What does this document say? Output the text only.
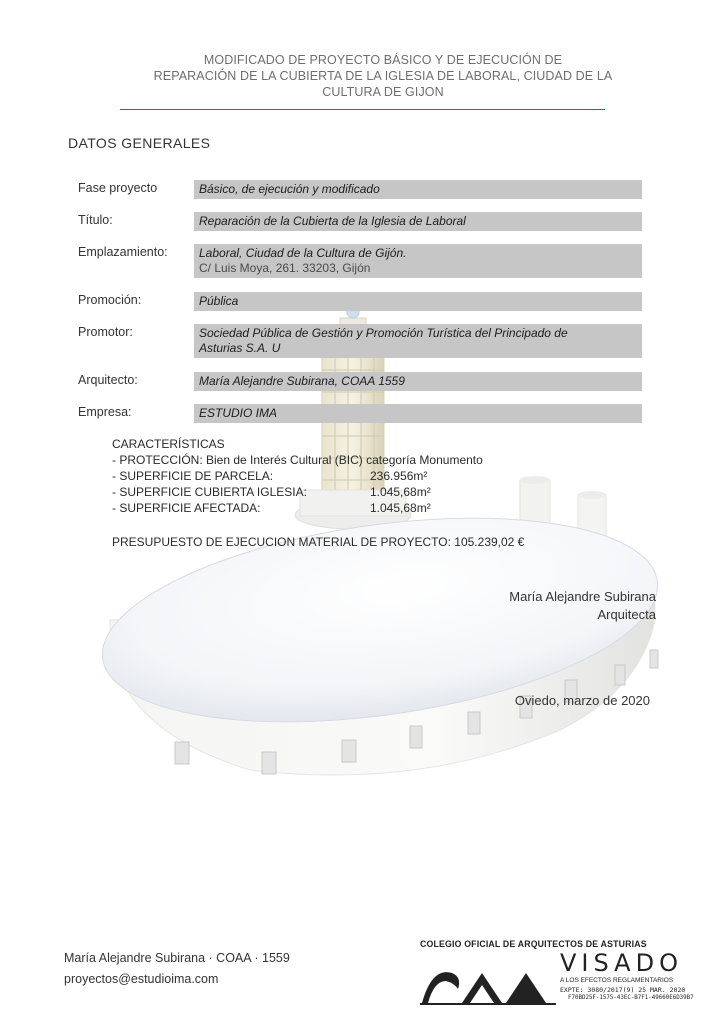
MODIFICADO DE PROYECTO BÁSICO Y DE EJECUCIÓN DE
REPARACIÓN DE LA CUBIERTA DE LA IGLESIA DE LABORAL, CIUDAD DE LA
CULTURA DE GIJON
DATOS GENERALES
Fase proyecto	Básico, de ejecución y modificado
Título:	Reparación de la Cubierta de la Iglesia de Laboral
Emplazamiento:	Laboral, Ciudad de la Cultura de Gijón.
C/ Luis Moya, 261. 33203, Gijón
Promoción:	Pública
Promotor:	Sociedad Pública de Gestión y Promoción Turística del Principado de
Asturias S.A. U
Arquitecto:	María Alejandre Subirana, COAA 1559
Empresa:	ESTUDIO IMA
CARACTERÍSTICAS
- PROTECCIÓN: Bien de Interés Cultural (BIC) categoría Monumento
- SUPERFICIE DE PARCELA:	236.956m²
- SUPERFICIE CUBIERTA IGLESIA:	1.045,68m²
- SUPERFICIE AFECTADA:	1.045,68m²
PRESUPUESTO DE EJECUCION MATERIAL DE PROYECTO: 105.239,02 €
María Alejandre Subirana
Arquitecta
Oviedo, marzo de 2020
María Alejandre Subirana · COAA · 1559
proyectos@estudioima.com
COLEGIO OFICIAL DE ARQUITECTOS DE ASTURIAS
VISADO
A LOS EFECTOS REGLAMENTARIOS
EXPTE: 3080/2017(9) 25 MAR. 2020
F70BD25F-1575-43EC-B7F1-49660E6D39B7
